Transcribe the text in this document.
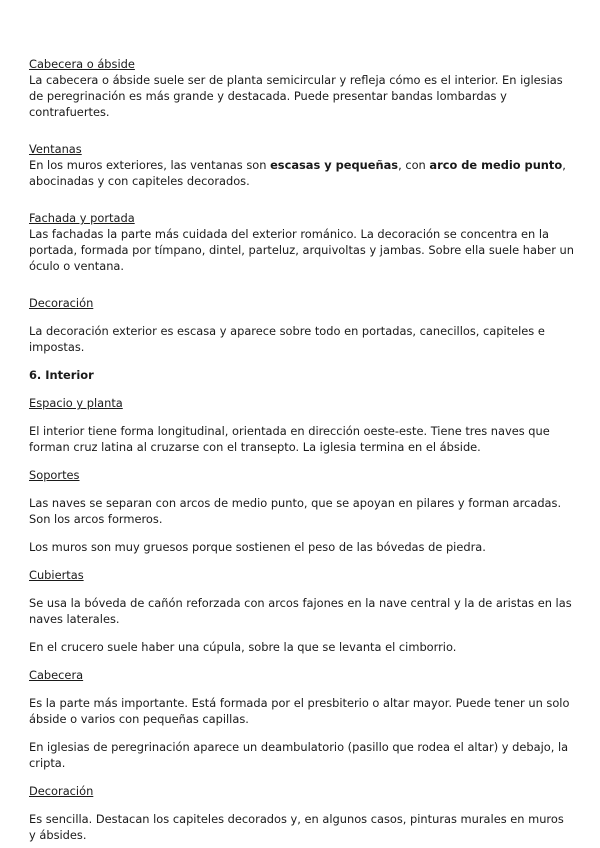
Cabecera o ábside

La cabecera o ábside suele ser de planta semicircular y refleja cómo es el interior. En iglesias de peregrinación es más grande y destacada. Puede presentar bandas lombardas y contrafuertes.

Ventanas

En los muros exteriores, las ventanas son escasas y pequeñas, con arco de medio punto, abocinadas y con capiteles decorados.

Fachada y portada

Las fachadas la parte más cuidada del exterior románico. La decoración se concentra en la portada, formada por tímpano, dintel, parteluz, arquivoltas y jambas. Sobre ella suele haber un óculo o ventana.

Decoración

La decoración exterior es escasa y aparece sobre todo en portadas, canecillos, capiteles e impostas.

6. Interior

Espacio y planta

El interior tiene forma longitudinal, orientada en dirección oeste-este. Tiene tres naves que forman cruz latina al cruzarse con el transepto. La iglesia termina en el ábside.

Soportes

Las naves se separan con arcos de medio punto, que se apoyan en pilares y forman arcadas. Son los arcos formeros.

Los muros son muy gruesos porque sostienen el peso de las bóvedas de piedra.

Cubiertas

Se usa la bóveda de cañón reforzada con arcos fajones en la nave central y la de aristas en las naves laterales.

En el crucero suele haber una cúpula, sobre la que se levanta el cimborrio.

Cabecera

Es la parte más importante. Está formada por el presbiterio o altar mayor. Puede tener un solo ábside o varios con pequeñas capillas.

En iglesias de peregrinación aparece un deambulatorio (pasillo que rodea el altar) y debajo, la cripta.

Decoración

Es sencilla. Destacan los capiteles decorados y, en algunos casos, pinturas murales en muros y ábsides.
